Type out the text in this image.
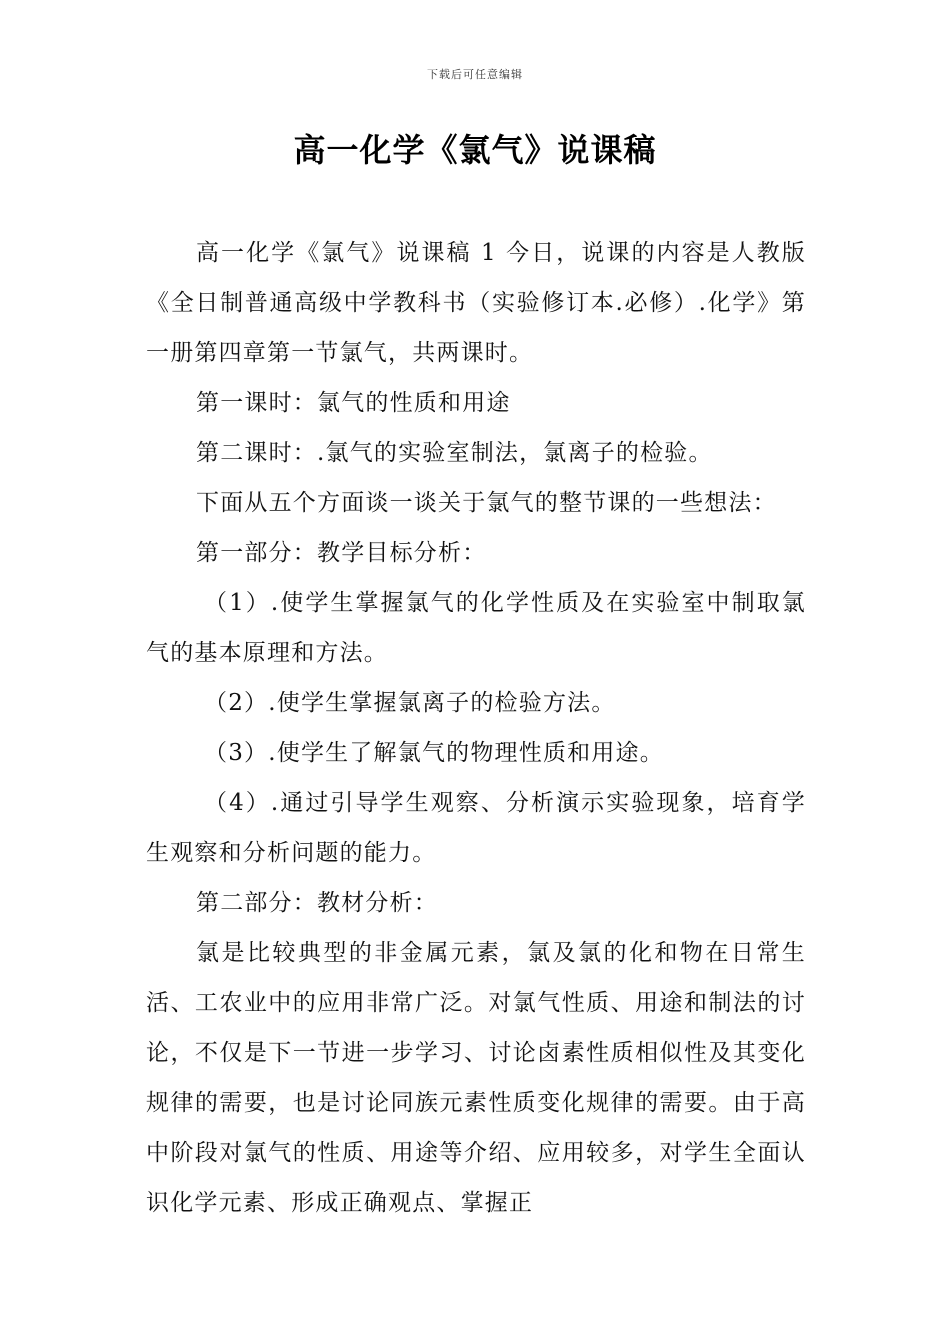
下载后可任意编辑
高一化学《氯气》说课稿

高一化学《氯气》说课稿 1 今日，说课的内容是人教版《全日制普通高级中学教科书（实验修订本.必修）.化学》第一册第四章第一节氯气，共两课时。

第一课时：氯气的性质和用途

第二课时：.氯气的实验室制法，氯离子的检验。

下面从五个方面谈一谈关于氯气的整节课的一些想法：

第一部分：教学目标分析：

（1）.使学生掌握氯气的化学性质及在实验室中制取氯气的基本原理和方法。

（2）.使学生掌握氯离子的检验方法。

（3）.使学生了解氯气的物理性质和用途。

（4）.通过引导学生观察、分析演示实验现象，培育学生观察和分析问题的能力。

第二部分：教材分析：

氯是比较典型的非金属元素，氯及氯的化和物在日常生活、工农业中的应用非常广泛。对氯气性质、用途和制法的讨论，不仅是下一节进一步学习、讨论卤素性质相似性及其变化规律的需要，也是讨论同族元素性质变化规律的需要。由于高中阶段对氯气的性质、用途等介绍、应用较多，对学生全面认识化学元素、形成正确观点、掌握正
